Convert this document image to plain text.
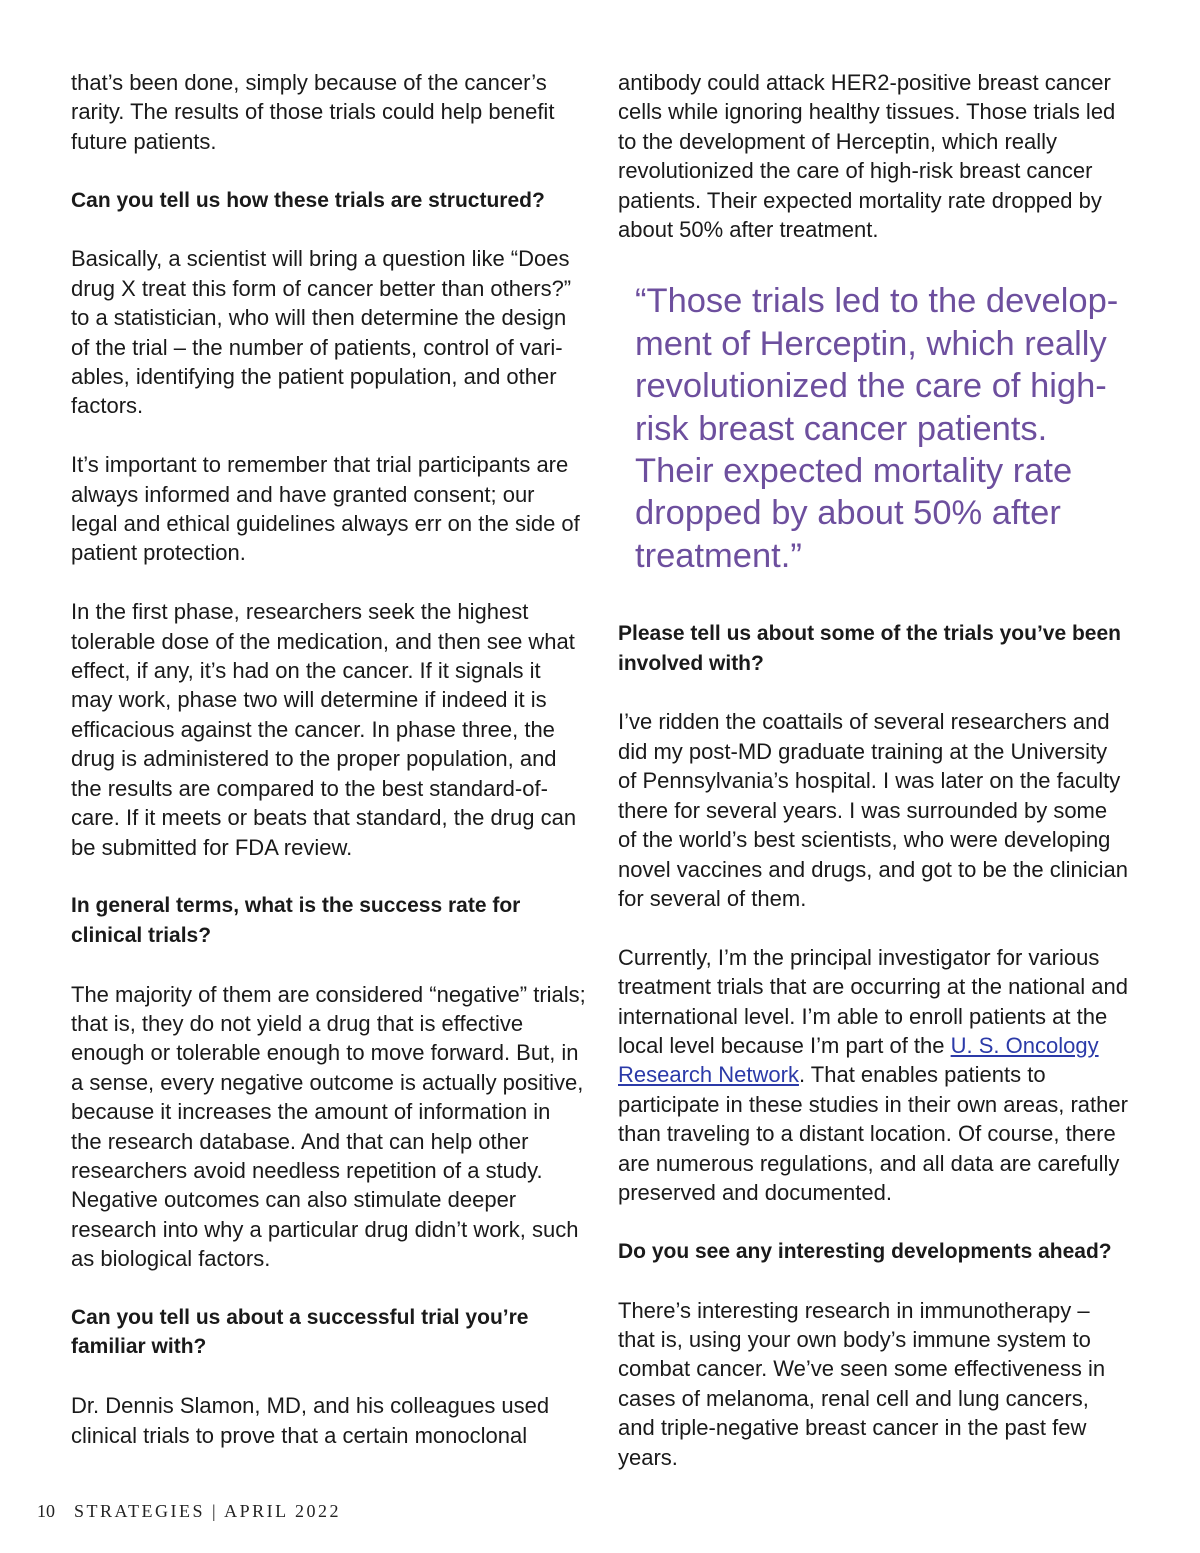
that’s been done, simply because of the cancer’s rarity. The results of those trials could help benefit future patients.

Can you tell us how these trials are structured?

Basically, a scientist will bring a question like “Does drug X treat this form of cancer better than others?” to a statistician, who will then determine the design of the trial – the number of patients, control of variables, identifying the patient population, and other factors.

It’s important to remember that trial participants are always informed and have granted consent; our legal and ethical guidelines always err on the side of patient protection.

In the first phase, researchers seek the highest tolerable dose of the medication, and then see what effect, if any, it’s had on the cancer. If it signals it may work, phase two will determine if indeed it is efficacious against the cancer. In phase three, the drug is administered to the proper population, and the results are compared to the best standard-of-care. If it meets or beats that standard, the drug can be submitted for FDA review.

In general terms, what is the success rate for clinical trials?

The majority of them are considered “negative” trials; that is, they do not yield a drug that is effective enough or tolerable enough to move forward. But, in a sense, every negative outcome is actually positive, because it increases the amount of information in the research database. And that can help other researchers avoid needless repetition of a study. Negative outcomes can also stimulate deeper research into why a particular drug didn’t work, such as biological factors.

Can you tell us about a successful trial you’re familiar with?

Dr. Dennis Slamon, MD, and his colleagues used clinical trials to prove that a certain monoclonal

antibody could attack HER2-positive breast cancer cells while ignoring healthy tissues. Those trials led to the development of Herceptin, which really revolutionized the care of high-risk breast cancer patients. Their expected mortality rate dropped by about 50% after treatment.

“Those trials led to the development of Herceptin, which really revolutionized the care of high-risk breast cancer patients. Their expected mortality rate dropped by about 50% after treatment.”

Please tell us about some of the trials you’ve been involved with?

I’ve ridden the coattails of several researchers and did my post-MD graduate training at the University of Pennsylvania’s hospital. I was later on the faculty there for several years. I was surrounded by some of the world’s best scientists, who were developing novel vaccines and drugs, and got to be the clinician for several of them.

Currently, I’m the principal investigator for various treatment trials that are occurring at the national and international level. I’m able to enroll patients at the local level because I’m part of the U. S. Oncology Research Network. That enables patients to participate in these studies in their own areas, rather than traveling to a distant location. Of course, there are numerous regulations, and all data are carefully preserved and documented.

Do you see any interesting developments ahead?

There’s interesting research in immunotherapy – that is, using your own body’s immune system to combat cancer. We’ve seen some effectiveness in cases of melanoma, renal cell and lung cancers, and triple-negative breast cancer in the past few years.

10 STRATEGIES | APRIL 2022
